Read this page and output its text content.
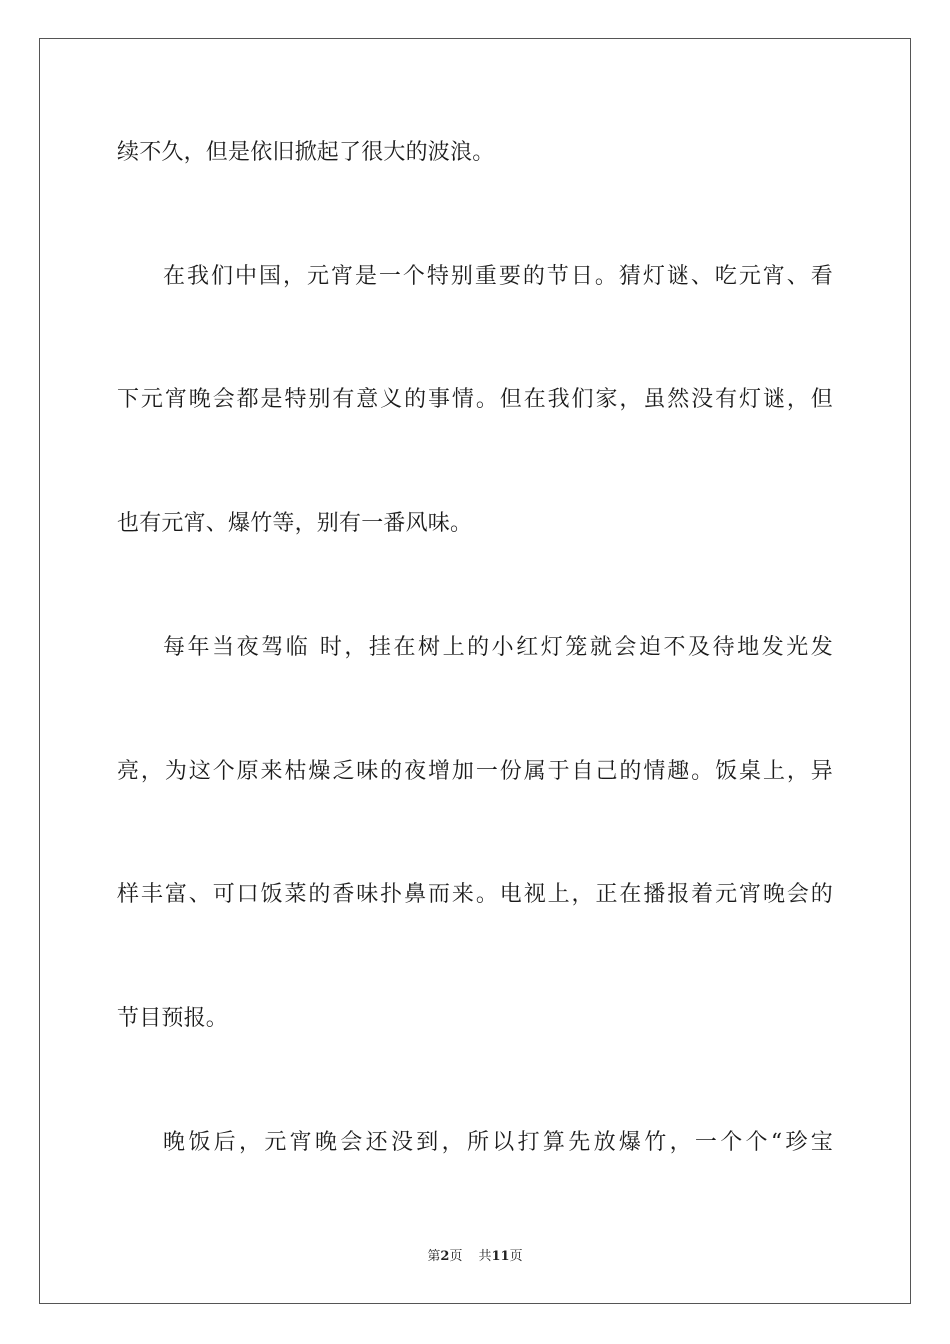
续不久，但是依旧掀起了很大的波浪。
在我们中国，元宵是一个特别重要的节日。猜灯谜、吃元宵、看
下元宵晚会都是特别有意义的事情。但在我们家，虽然没有灯谜，但
也有元宵、爆竹等，别有一番风味。
每年当夜驾临 时，挂在树上的小红灯笼就会迫不及待地发光发
亮，为这个原来枯燥乏味的夜增加一份属于自己的情趣。饭桌上，异
样丰富、可口饭菜的香味扑鼻而来。电视上，正在播报着元宵晚会的
节目预报。
晚饭后，元宵晚会还没到，所以打算先放爆竹，一个个“珍宝
第2页 共11页
